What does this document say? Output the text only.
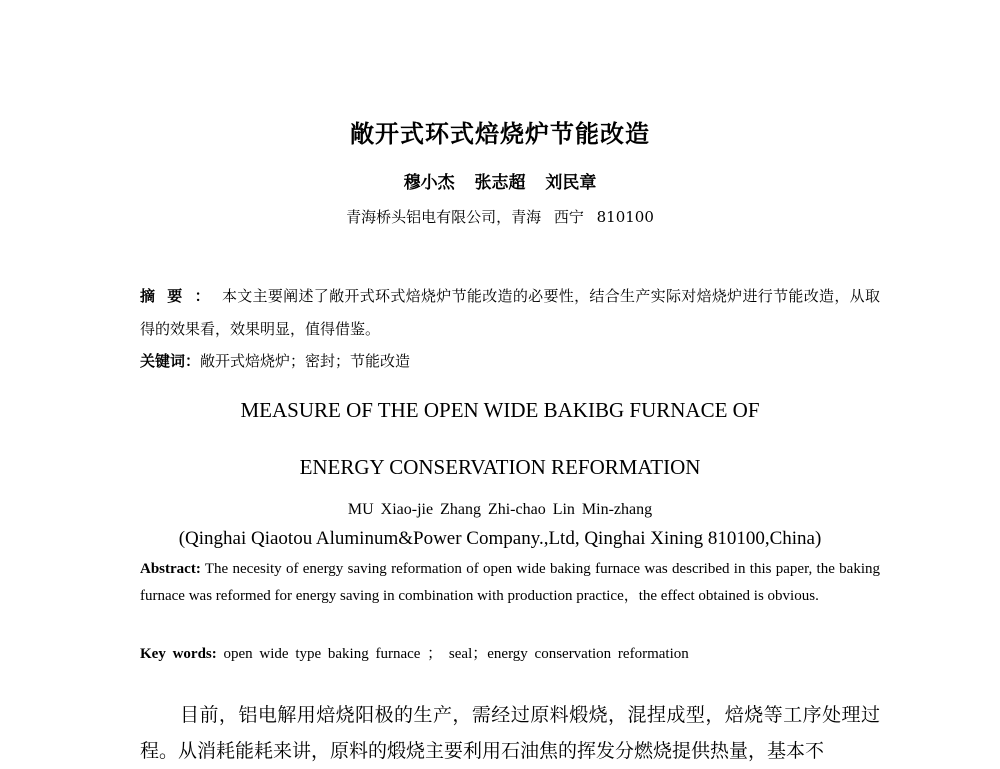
敞开式环式焙烧炉节能改造
穆小杰 张志超 刘民章
青海桥头铝电有限公司，青海 西宁 810100

摘要：本文主要阐述了敞开式环式焙烧炉节能改造的必要性，结合生产实际对焙烧炉进行节能改造，从取得的效果看，效果明显，值得借鉴。

关键词：敞开式焙烧炉；密封；节能改造

MEASURE OF THE OPEN WIDE BAKIBG FURNACE OF

ENERGY CONSERVATION REFORMATION

MU Xiao-jie Zhang Zhi-chao Lin Min-zhang
(Qinghai Qiaotou Aluminum&Power Company.,Ltd, Qinghai Xining 810100,China)

Abstract: The necesity of energy saving reformation of open wide baking furnace was described in this paper, the baking furnace was reformed for energy saving in combination with production practice，the effect obtained is obvious.

Key words: open wide type baking furnace ； seal；energy conservation reformation

目前，铝电解用焙烧阳极的生产，需经过原料煅烧，混捏成型，焙烧等工序处理过程。从消耗能耗来讲，原料的煅烧主要利用石油焦的挥发分燃烧提供热量，基本不
